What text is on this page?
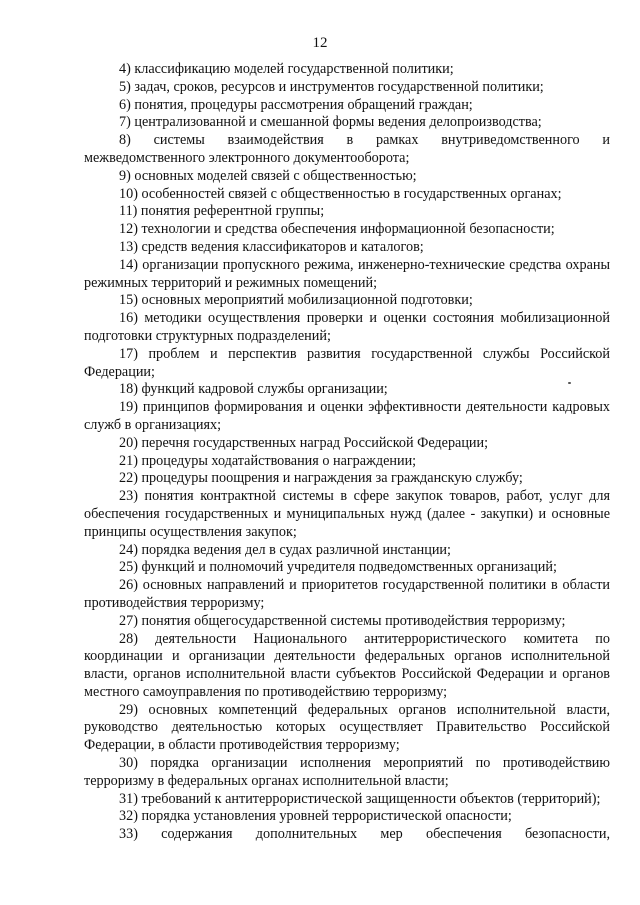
12

4) классификацию моделей государственной политики;

5) задач, сроков, ресурсов и инструментов государственной политики;

6) понятия, процедуры рассмотрения обращений граждан;

7) централизованной и смешанной формы ведения делопроизводства;

8) системы взаимодействия в рамках внутриведомственного и межведомственного электронного документооборота;

9) основных моделей связей с общественностью;

10) особенностей связей с общественностью в государственных органах;

11) понятия референтной группы;

12) технологии и средства обеспечения информационной безопасности;

13) средств ведения классификаторов и каталогов;

14) организации пропускного режима, инженерно-технические средства охраны режимных территорий и режимных помещений;

15) основных мероприятий мобилизационной подготовки;

16) методики осуществления проверки и оценки состояния мобилизационной подготовки структурных подразделений;

17) проблем и перспектив развития государственной службы Российской Федерации;

18) функций кадровой службы организации;

19) принципов формирования и оценки эффективности деятельности кадровых служб в организациях;

20) перечня государственных наград Российской Федерации;

21) процедуры ходатайствования о награждении;

22) процедуры поощрения и награждения за гражданскую службу;

23) понятия контрактной системы в сфере закупок товаров, работ, услуг для обеспечения государственных и муниципальных нужд (далее - закупки) и основные принципы осуществления закупок;

24) порядка ведения дел в судах различной инстанции;

25) функций и полномочий учредителя подведомственных организаций;

26) основных направлений и приоритетов государственной политики в области противодействия терроризму;

27) понятия общегосударственной системы противодействия терроризму;

28) деятельности Национального антитеррористического комитета по координации и организации деятельности федеральных органов исполнительной власти, органов исполнительной власти субъектов Российской Федерации и органов местного самоуправления по противодействию терроризму;

29) основных компетенций федеральных органов исполнительной власти, руководство деятельностью которых осуществляет Правительство Российской Федерации, в области противодействия терроризму;

30) порядка организации исполнения мероприятий по противодействию терроризму в федеральных органах исполнительной власти;

31) требований к антитеррористической защищенности объектов (территорий);

32) порядка установления уровней террористической опасности;

33) содержания дополнительных мер обеспечения безопасности,
